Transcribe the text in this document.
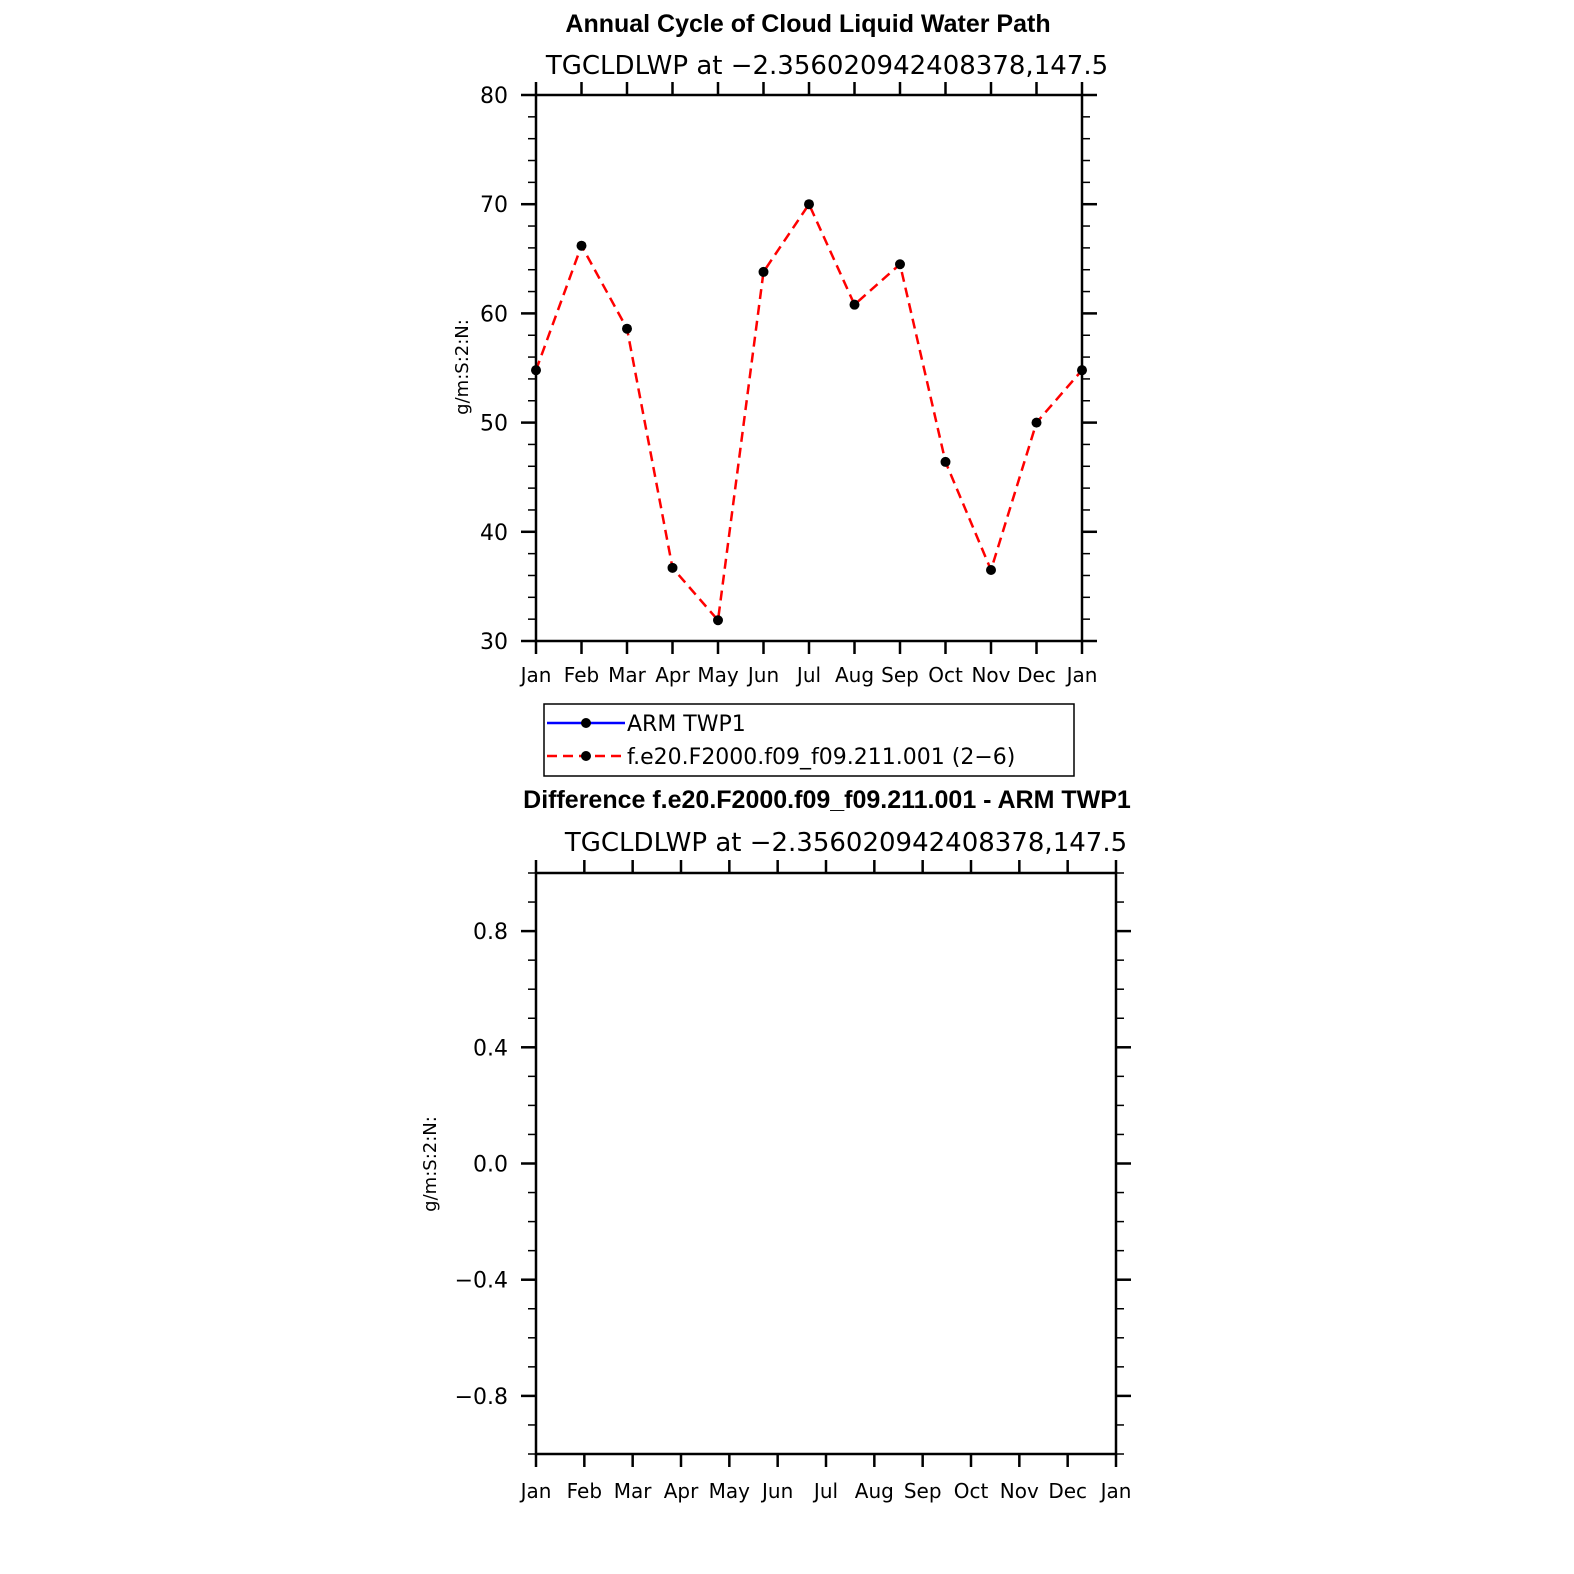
Annual Cycle of Cloud Liquid Water Path
TGCLDLWP at −2.356020942408378,147.5
g/m:S:2:N:
30
40
50
60
70
80
Jan Feb Mar Apr May Jun Jul Aug Sep Oct Nov Dec Jan
ARM TWP1
f.e20.F2000.f09_f09.211.001 (2−6)
Difference f.e20.F2000.f09_f09.211.001 - ARM TWP1
TGCLDLWP at −2.356020942408378,147.5
g/m:S:2:N:
−0.8
−0.4
0.0
0.4
0.8
Jan Feb Mar Apr May Jun Jul Aug Sep Oct Nov Dec Jan
